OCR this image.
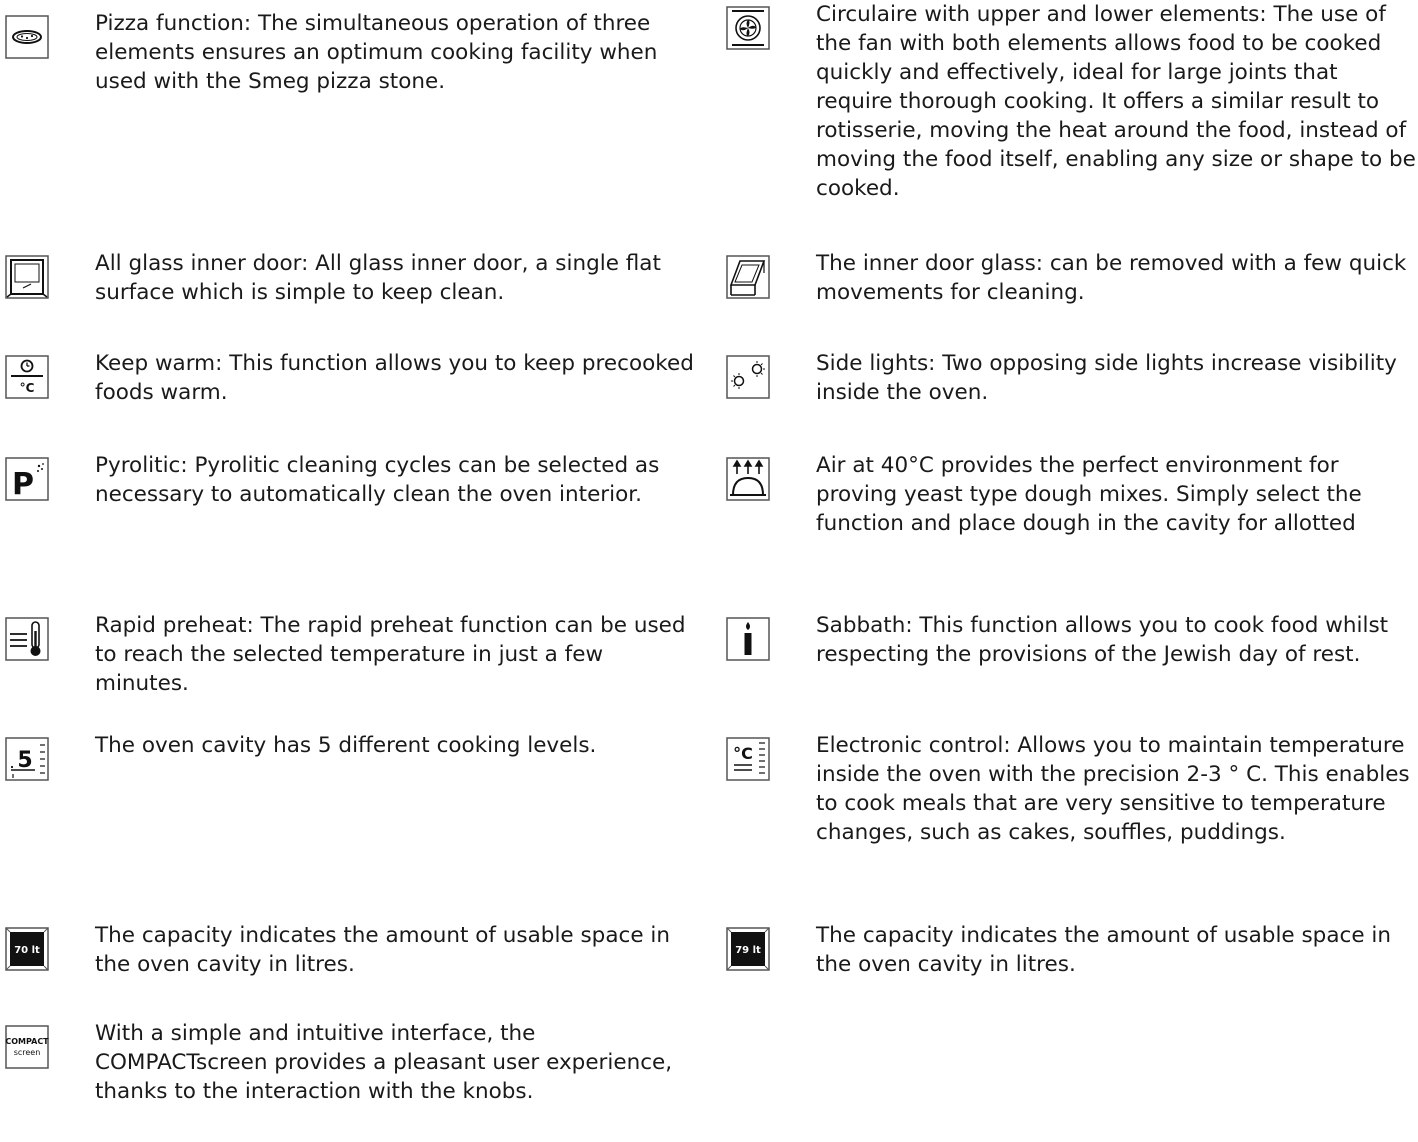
Pizza function: The simultaneous operation of three elements ensures an optimum cooking facility when used with the Smeg pizza stone.
All glass inner door: All glass inner door, a single flat surface which is simple to keep clean.
°C
Keep warm: This function allows you to keep precooked foods warm.
P
Pyrolitic: Pyrolitic cleaning cycles can be selected as necessary to automatically clean the oven interior.
Rapid preheat: The rapid preheat function can be used to reach the selected temperature in just a few minutes.
5
The oven cavity has 5 different cooking levels.
70 lt
The capacity indicates the amount of usable space in the oven cavity in litres.
COMPACT
screen
With a simple and intuitive interface, the COMPACTscreen provides a pleasant user experience, thanks to the interaction with the knobs.
Circulaire with upper and lower elements: The use of the fan with both elements allows food to be cooked quickly and effectively, ideal for large joints that require thorough cooking. It offers a similar result to rotisserie, moving the heat around the food, instead of moving the food itself, enabling any size or shape to be cooked.
The inner door glass: can be removed with a few quick movements for cleaning.
Side lights: Two opposing side lights increase visibility inside the oven.
Air at 40°C provides the perfect environment for proving yeast type dough mixes. Simply select the function and place dough in the cavity for allotted
Sabbath: This function allows you to cook food whilst respecting the provisions of the Jewish day of rest.
°C	Electronic control: Allows you to maintain temperature inside the oven with the precision 2-3 ° C. This enables to cook meals that are very sensitive to temperature changes, such as cakes, souffles, puddings.
79 lt
The capacity indicates the amount of usable space in the oven cavity in litres.
